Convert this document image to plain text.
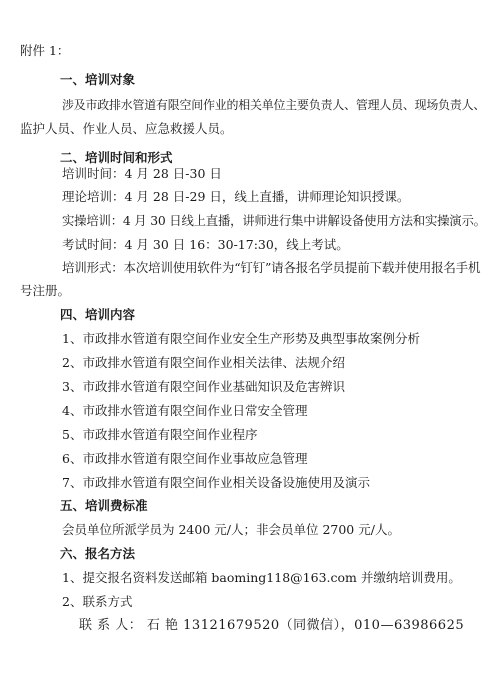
附件 1：
一、培训对象
涉及市政排水管道有限空间作业的相关单位主要负责人、管理人员、现场负责人、
监护人员、作业人员、应急救援人员。
二、培训时间和形式
培训时间：4 月 28 日-30 日
理论培训：4 月 28 日-29 日，线上直播，讲师理论知识授课。
实操培训：4 月 30 日线上直播，讲师进行集中讲解设备使用方法和实操演示。
考试时间：4 月 30 日 16：30-17:30，线上考试。
培训形式：本次培训使用软件为“钉钉”请各报名学员提前下载并使用报名手机
号注册。
四、培训内容
1、市政排水管道有限空间作业安全生产形势及典型事故案例分析
2、市政排水管道有限空间作业相关法律、法规介绍
3、市政排水管道有限空间作业基础知识及危害辨识
4、市政排水管道有限空间作业日常安全管理
5、市政排水管道有限空间作业程序
6、市政排水管道有限空间作业事故应急管理
7、市政排水管道有限空间作业相关设备设施使用及演示
五、培训费标准
会员单位所派学员为 2400 元/人；非会员单位 2700 元/人。
六、报名方法
1、提交报名资料发送邮箱 baoming118@163.com 并缴纳培训费用。
2、联系方式
联 系 人： 石 艳 13121679520（同微信），010—63986625
